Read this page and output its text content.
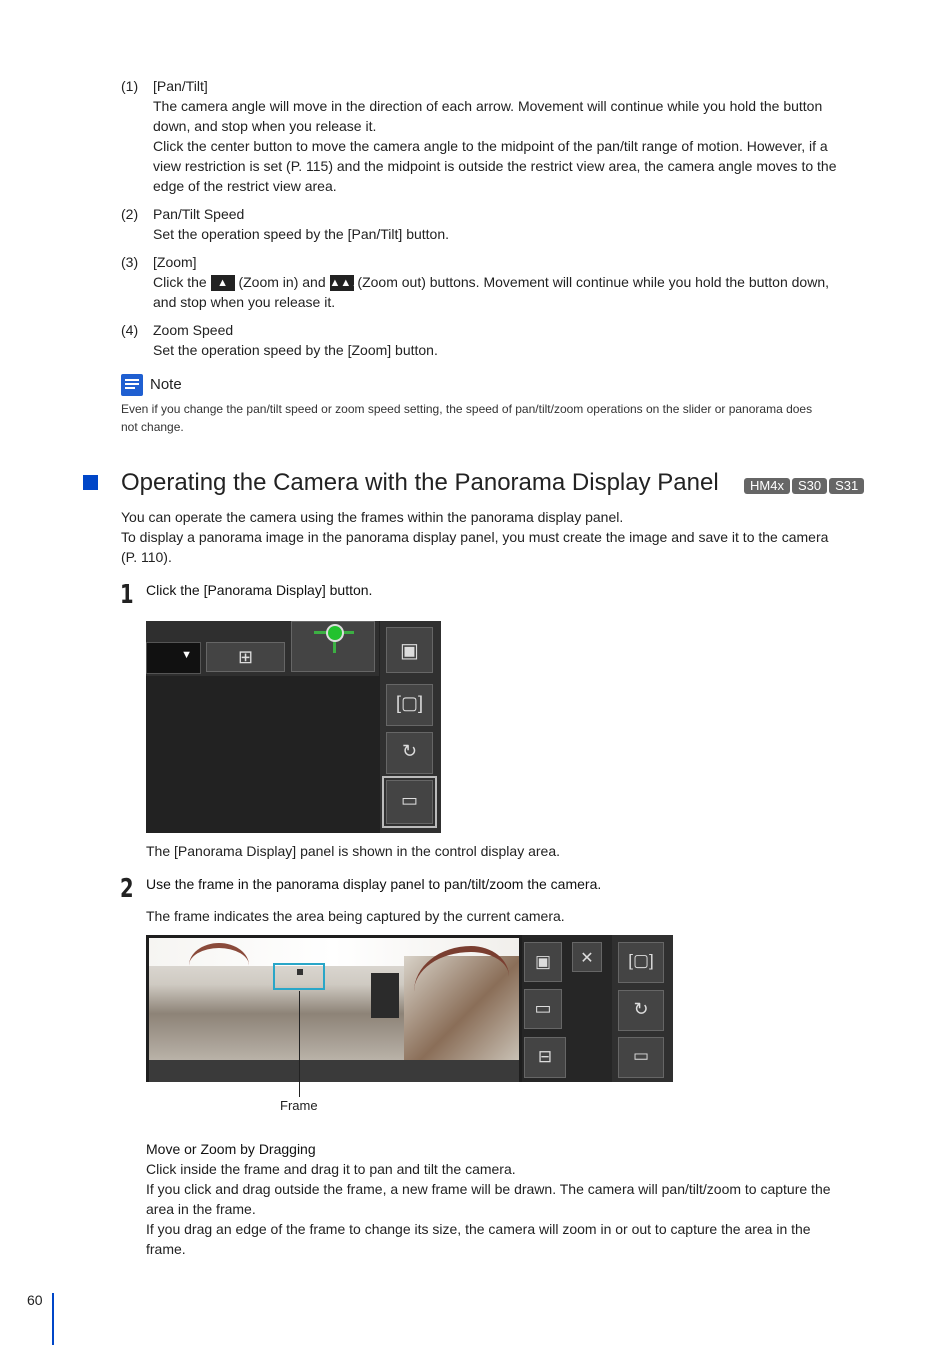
(1) [Pan/Tilt]
The camera angle will move in the direction of each arrow. Movement will continue while you hold the button
down, and stop when you release it.
Click the center button to move the camera angle to the midpoint of the pan/tilt range of motion. However, if a
view restriction is set (P. 115) and the midpoint is outside the restrict view area, the camera angle moves to the
edge of the restrict view area.
(2) Pan/Tilt Speed
Set the operation speed by the [Pan/Tilt] button.
(3) [Zoom]
Click the ▲ (Zoom in) and ▲▲▲ (Zoom out) buttons. Movement will continue while you hold the button down,
and stop when you release it.
(4) Zoom Speed
Set the operation speed by the [Zoom] button.
Note
Even if you change the pan/tilt speed or zoom speed setting, the speed of pan/tilt/zoom operations on the slider or panorama does
not change.
Operating the Camera with the Panorama Display Panel	HM4x S30 S31
You can operate the camera using the frames within the panorama display panel.
To display a panorama image in the panorama display panel, you must create the image and save it to the camera
(P. 110).
1 Click the [Panorama Display] button.
▼	⊞	▣
[▢]
↻
▭
The [Panorama Display] panel is shown in the control display area.
2 Use the frame in the panorama display panel to pan/tilt/zoom the camera.
The frame indicates the area being captured by the current camera.
▣	✕
▭
⊟
[▢]
↻
▭
Frame
Move or Zoom by Dragging
Click inside the frame and drag it to pan and tilt the camera.
If you click and drag outside the frame, a new frame will be drawn. The camera will pan/tilt/zoom to capture the
area in the frame.
If you drag an edge of the frame to change its size, the camera will zoom in or out to capture the area in the
frame.
60
